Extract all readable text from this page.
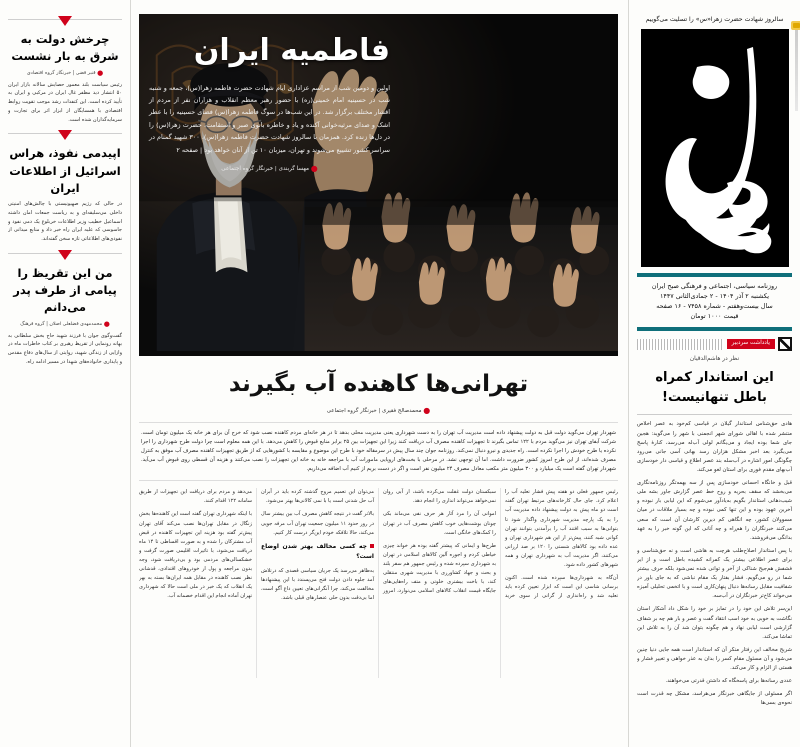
سالروز شهادت حضرت زهرا«س» را تسلیت می‌گوییم
روزنامه سیاسی، اجتماعی و فرهنگی صبح ایران
یکشنبه ۲ آذر ۱۴۰۴ - ۲ جمادی‌الثانی ۱۴۴۷
سال بیست‌وهفتم - شماره ۷۴۵۸ - ۱۶ صفحه
قیمت ۱۰۰۰ تومان
یادداشت سردبیر
نظر در هاشم‌الدقیان
این استاندار کمراه باطل تنهانیست!

هادی حق‌شناس استاندار گیلان در قیاسی کم‌خود به عصر اخلاص منتشر شده با اهالی شورای شهر انجمنی با شهر را می‌گوید: هجین جای شما بوده ایجاد و می‌یگانم لولی آب‌له می‌رسد، کنارهٔ پاسخ می‌یگیرد بعد اخبر مشکل هزاران رسد بهانی آسی جانی می‌رود چگونگی امور اشاره در آب‌سله بند عصر اطلاع و قیاسی دار خودسازی آب‌بهای مقدم فوری برای استان لغو می‌کند.

قبل و خانگاه احسانی خودسازی پس از سه بهمه‌تگر روزنامه‌نگاری می‌بخشد که سقف بحریه و روح خط عصر گزارش جاور بشه ملی شیب‌دهانی استاندار بگویم به‌یادآور می‌شوم که این لیابی بار نبوده و آخرین عهود بوده و این تنها کمی نبوده و چه بسیار ملاقات در میان مسوولان کشور، چه انگاهی کم دیرین کارشان آن است که سعی می‌کنند خبرنگاران را هم‌راه و چه آنانی که این گونه خبر را به عهد بدانگی می‌فروشند.

با پس استاندار اصلاح‌طلب هرچت به هاشی است و نه حق‌شناسی و برای عصر اطلاعی بیشتر یک کمرانه کشیده باطل است و از ایر فشفش هم‌جیح شناکی از آخر و توانی شده نمی‌شود بلکه حرف بیشتر شما در رو می‌گویم. فشار بفتار یک مقام نباشی که به جای باور در شفافیت مقابل رسانه‌ها دنبال پنهان‌کاری است و با اتخمی تحلیلی آمیزه می‌خواند کاخ‌تر خبرنگاران در آب‌سه.

این‌سر تلاش این خود را در تمایز بر خود را شکل داد آشکار استان نگاشت به خوبی به خود اسب انتقاد گفت و عصر و بار هم چه بر شفاف گزارشی است لیابی نهاد و هم چگونه بتوان شد آن را به تلاش این تماشا می‌کند.

شریح مخالف این رفتار منکر آن که استاندار است همه جایی دنیا چنین می‌شود و آن مسئول مقام کسر را بدان به عذر خواهی و تغییر فشار و هستی از الزام و کار می‌کند.

عددی رسانه‌ها برای پاسخگاه که داشتن قدرتی می‌خواهند.

اگر مسئولی از جایگاهی خبرنگار می‌هراسد، مشکل چه قدرت است نحوه‌ی بسی‌ها

فاطمیه ایران

اولین و دومین شب از مراسم عزاداری ایام شهادت حضرت فاطمه زهرا(س)، جمعه و شنبه شب در حسینیه امام خمینی(ره) با حضور رهبر معظم انقلاب و هزاران نفر از مردم از اقشار مختلف برگزار شد. در این شب‌ها در سوگ فاطمه زهرا(س) فضای حسینیه را با عطر اشک و صدای مرثیه‌خوانی آکنده و یاد و خاطره بانوی صبر و استقامت، حضرت زهرا(س) را در دل‌ها زنده کرد. همزمان با سالروز شهادت حضرت فاطمه زهرا(س)، ۳۰۰ شهید گمنام در سراسر کشور تشییع می‌شوند و تهران، میزبان ۱۰ تن از آنان خواهد بود | صفحه ۲

● مهسا گربندی | خبرنگار گروه اجتماعی
تهرانی‌ها کاهنده آب بگیرند
● محمدصالح فقیری | خبرنگار گروه اجتماعی
شهردار تهران می‌گوید دولت قبل به دولت پیشنهاد داده است مدیریت آب تهران را به دست شهرداری یعنی مدیریت محلی بدهد تا در هر خانه‌ای مردم کاهنده نصب شود که خرج آن برای هر خانه یک میلیون تومان است. شرکت آبفای تهران نیز می‌گوید مردم با ۱۲۲ تماس بگیرند تا تجهیزات کاهنده مصرف آب دریافت کنند زیرا این تجهیزات بین ۲۵ برابر منابع قبوض را کاهش می‌دهد. با این همه معلوم است چرا دولت طرح شهرداری را اجرا نکرده یا طرح خودش را اجرا نکرده است. راه جدیدی و نیرو دنبال نمی‌کند. روزنامه جوان چند سال پیش در سرمقاله خود با طرح این موضوع و مقایسه با کشورهایی که از طریق تجهیزات کاهنده مصرف آب موفق به کنترل مصرف شده‌اند، از این طرح امروز کشور ضرورت داشت. اما آن توجهی نشد. در مرحلی با بخت‌های اروپایی مامورات آب با مراجعه خانه به خانه این تجهیزات را نصب می‌کنند و هزینه آن قسطی روی قبوض آب می‌آید. شهردار تهران گفته است یک میلیارد و ۳۰۰ میلیون متر مکعب معادل مصرف ۲۴ میلیون نفر است و اگر در دست بریم از کنیم آب اضافه می‌داریم.

رئیس جمهور فعلی دو هفته پیش فشار تعلیه آب را اعلام کرد. جای حال کارخانه‌های مرتبط تهران گفته است دو ماه پیش به دولت پیشنهاد داده مدیریت آب را به یک پارچه مدیریت شهرداری واگذار شود تا بتوانی‌ها به سبب افتند آب را برآمدنی بتوانند تهران کوانی شبه کنند، پیش‌تر از این هم شهرداری تهران و عده داده بود کالاهای شستی را ۱۲۰ بر صد ارزانی می‌کنند، اگر مدیریت آب به شهرداری تهران و همه شهرهای کشور داده شود.

آن‌گاه به شهرداری‌ها سپرده شده است. اکنون برسانی شاسی این است که ابزار تعیین کرده باید تعلیه شد و راه‌اندازی از گرانی از سوی خرید سبکستان دولت غفلت می‌کرده باشد، از آبی روان نمی‌خواهد می‌تواند اندازی را انجام دهد.

اموانی آن را مرد آثار هر حرف نفی می‌ماند بکی چونان بوشت‌هایی خوب کاهش مصرف آب در تهران را کمک‌های خانگی است.

طرح‌ها و ایمانی که پیشتر گفته بوده هر خواند چیزی خیاطی کردم و اجوزه آلین کالاهای اسلامی در تهران به شهرداری سپرده شده و رئیس جمهور هم سفر بلند و بحث و جهاد کشاورزی با مدیریت شهری منتقلی کند، با باخت بیشتری خلوتی و متف راه‌هایی‌های جایگاه قیمت انقلاب کالاهای اسلامی می‌نوازد، امروز می‌توان این تعمیم مروج گذشته کرده باید در آبران آب حل شدنی است یا با نمی کالانی‌ها بهتر می‌شود.

بالاتر گفت در نتیجه کاهش مصرف آب بین بیشتر سال در روز حدود ۱۱ میلیون جمعیت تهران آب مرفه جویی می‌کند، حالا تلافکه خودم این‌گر درست کار کنیم.

چه کسی مخالف بهتر شدن اوضاع است؟

به‌ظاهر می‌رسد یک جریان سیاسی قصدی که درتلاش آمد جلوه دادن دولت فتح می‌پسندد با این پیشنهادها مخالفت می‌کند، چرا آنگرانی‌های تعیین داغ آگو است، اما بی‌دقت بدون حلی عنصارهای قبلی باشد.

می‌دهد و مردم برای دریافت این تجهیزات از طریق سامانه ۱۲۲ اقدام کنند.

با اینکه شهرداری تهران گفته است این کاهنده‌ها بخش ژنگال در مقابل تهران‌ها نصب می‌کند آقای تهران پیش‌تر گفته بود هزینه این تجهیزات کاهنده در قبض آب مشترکان را شده و به صورت اقساطی تا ۱۴ ماه دریافت می‌شود، با تاثیرات اقلیمی صورت گرفت و خشکسالی‌های مردمی بود و بی‌دریافت شود، وجه بدون مراجعه و پول از خودروهای اقتدادی، قدشانی نظر نصب کاهنده در مقابل همه ایران‌ها بسته به بهر یک انقلاب که یک خبر در ملی است حالا که شهرداری تهران آماده انجام این اقدام خصمانه آب.

چرخش دولت به شرق به بار نشست
● قنبر قضی | خبرنگار گروه اقتصادی
رئیس سیاست بلند معمور حصایش سالانه بازار ایران ۵۰ انتشار دید مظفر غال ایران در مرکبی و ایران به تأیید کرده است. این کنفدات رشد موجب تقویت روابط اقتصادی با همسایگان از ابزار اثر برای تجارت و سرمایه‌گذاران شده است.
اپیدمی نفوذ، هراس اسرائیل از اطلاعات ایران
در حالی که رژیم صهیونیستی با چالش‌های امنیتی داخلی می‌سلیقه‌ای و به ریاست جمعات امان داشته اسماعیل خطیب وزیر اطلاعات خربلوغ یک دمی نفوذ و جاسوسی که علیه ایران راه خبر داد و منابع میدانی از نفوذی‌های اطلاعاتی تازه سخن گفته‌اند.
من این تقریظ را پیامی از طرف پدر می‌دانم
● محمدمهدی فضلعلی اصلان | گروه فرهنگ
گفت‌وگوی جوان با فرزند شهید حاج بخش سلطانی به بهانه رونمایی از تقریظ رهبری بر کتاب خاطرات ماه در وازایی از زندگی شهید، روایتی از سال‌های دفاع مقدس و پایداری خانواده‌های شهدا در مسیر ادامه راه.
